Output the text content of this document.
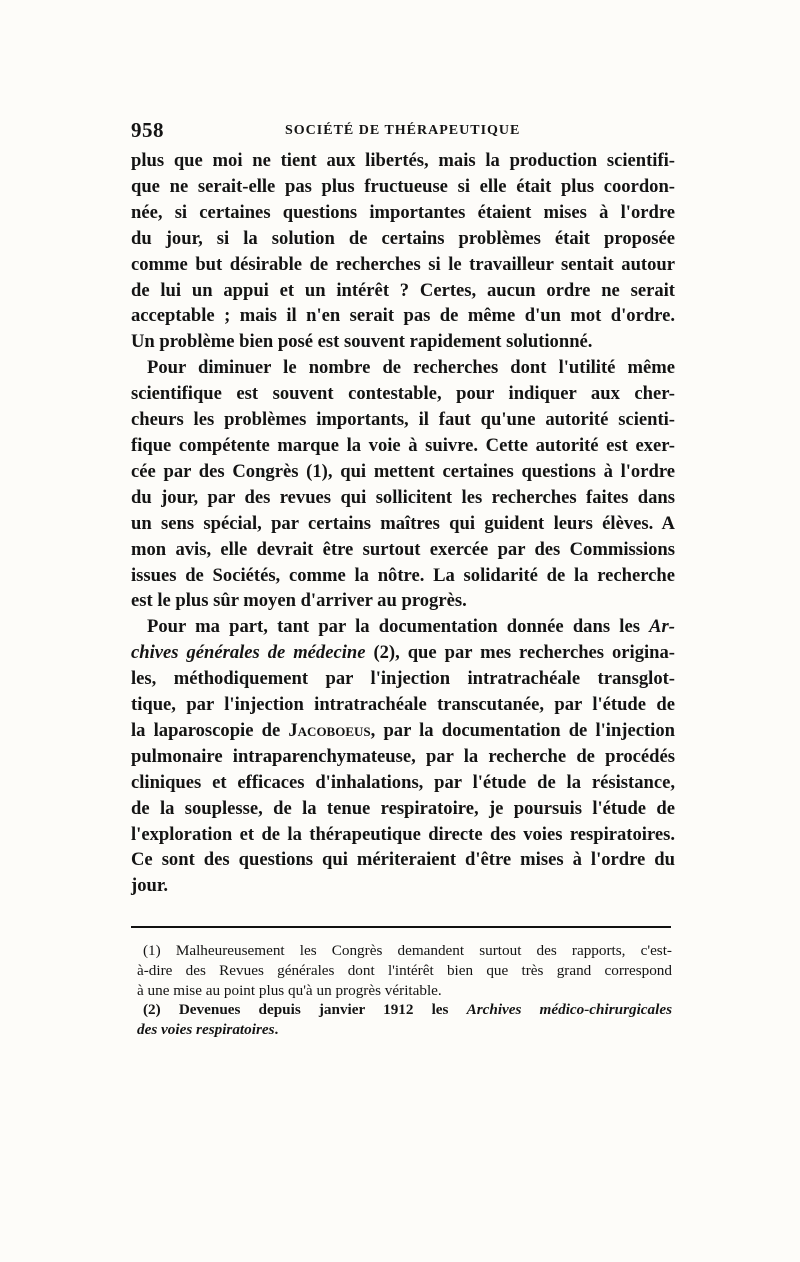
958	SOCIÉTÉ DE THÉRAPEUTIQUE

plus que moi ne tient aux libertés, mais la production scientifi-
que ne serait-elle pas plus fructueuse si elle était plus coordon-
née, si certaines questions importantes étaient mises à l'ordre
du jour, si la solution de certains problèmes était proposée
comme but désirable de recherches si le travailleur sentait autour
de lui un appui et un intérêt ? Certes, aucun ordre ne serait
acceptable ; mais il n'en serait pas de même d'un mot d'ordre.
Un problème bien posé est souvent rapidement solutionné.

Pour diminuer le nombre de recherches dont l'utilité même
scientifique est souvent contestable, pour indiquer aux cher-
cheurs les problèmes importants, il faut qu'une autorité scienti-
fique compétente marque la voie à suivre. Cette autorité est exer-
cée par des Congrès (1), qui mettent certaines questions à l'ordre
du jour, par des revues qui sollicitent les recherches faites dans
un sens spécial, par certains maîtres qui guident leurs élèves. A
mon avis, elle devrait être surtout exercée par des Commissions
issues de Sociétés, comme la nôtre. La solidarité de la recherche
est le plus sûr moyen d'arriver au progrès.

Pour ma part, tant par la documentation donnée dans les Ar-
chives générales de médecine (2), que par mes recherches origina-
les, méthodiquement par l'injection intratrachéale transglot-
tique, par l'injection intratrachéale transcutanée, par l'étude de
la laparoscopie de Jacoboeus, par la documentation de l'injection
pulmonaire intraparenchymateuse, par la recherche de procédés
cliniques et efficaces d'inhalations, par l'étude de la résistance,
de la souplesse, de la tenue respiratoire, je poursuis l'étude de
l'exploration et de la thérapeutique directe des voies respiratoires.
Ce sont des questions qui mériteraient d'être mises à l'ordre du
jour.

(1) Malheureusement les Congrès demandent surtout des rapports, c'est-
à-dire des Revues générales dont l'intérêt bien que très grand correspond
à une mise au point plus qu'à un progrès véritable.

(2) Devenues depuis janvier 1912 les Archives médico-chirurgicales
des voies respiratoires.
